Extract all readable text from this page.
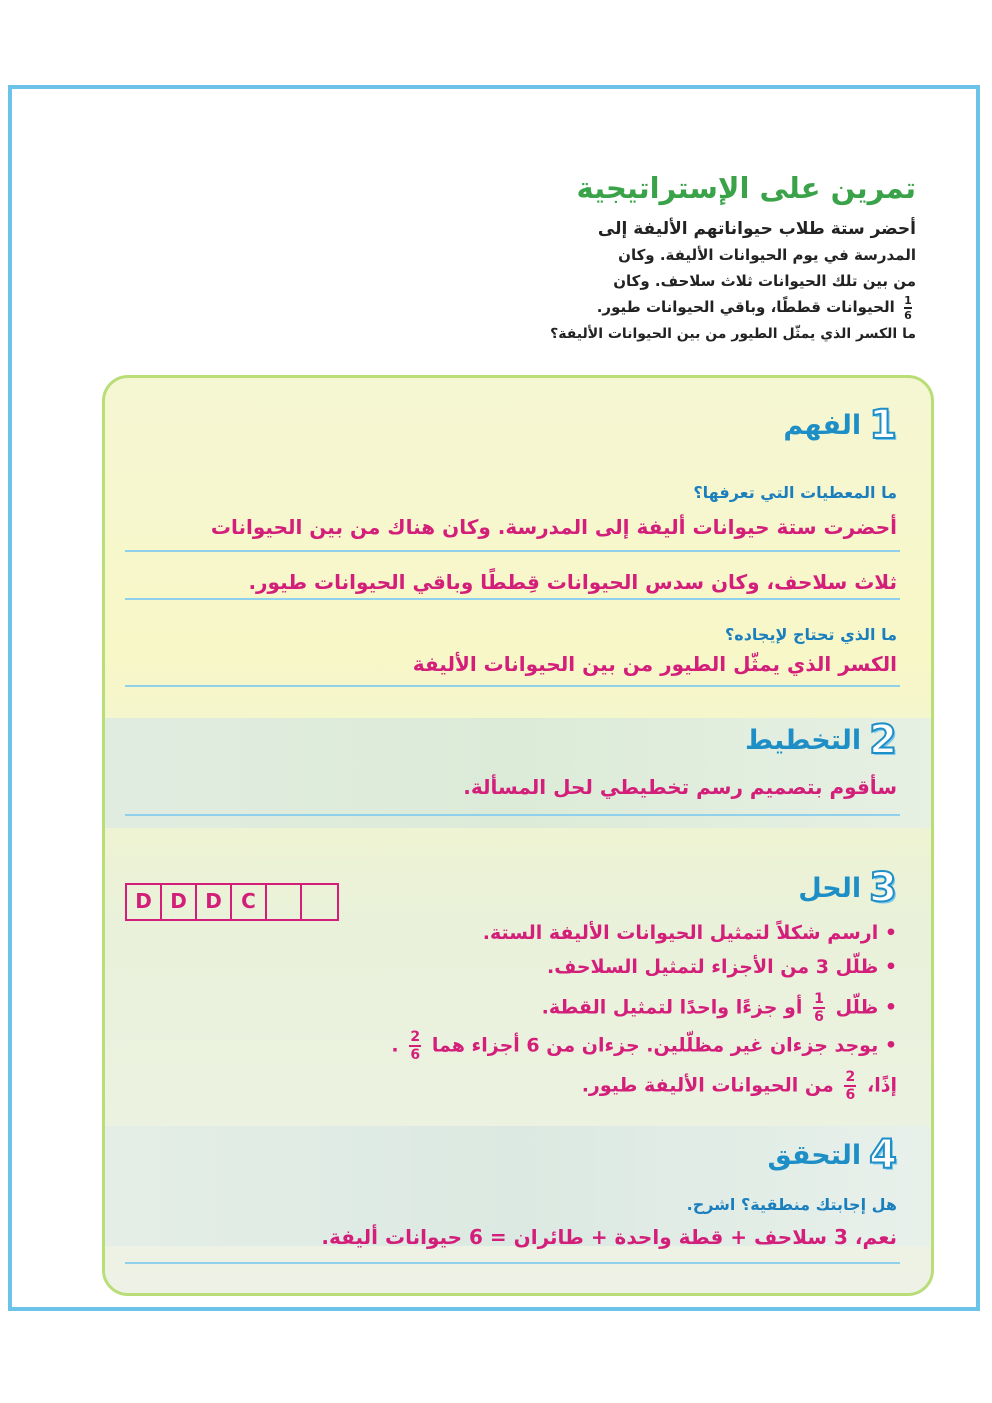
تمرين على الإستراتيجية
أحضر ستة طلاب حيواناتهم الأليفة إلى
المدرسة في يوم الحيوانات الأليفة. وكان
من بين تلك الحيوانات ثلاث سلاحف. وكان
$\frac{1}{6}$
الحيوانات قططًا، وباقي الحيوانات طيور.
ما الكسر الذي يمثّل الطيور من بين الحيوانات الأليفة؟
1
الفهم
ما المعطيات التي تعرفها؟
أحضرت ستة حيوانات أليفة إلى المدرسة. وكان هناك من بين الحيوانات
ثلاث سلاحف، وكان سدس الحيوانات قِططًا وباقي الحيوانات طيور.
ما الذي تحتاج لإيجاده؟
الكسر الذي يمثّل الطيور من بين الحيوانات الأليفة
2
التخطيط
سأقوم بتصميم رسم تخطيطي لحل المسألة.
3
الحل
D D D C
• ارسم شكلاً لتمثيل الحيوانات الأليفة الستة.
• ظلّل 3 من الأجزاء لتمثيل السلاحف.
• ظلّل
$\frac{1}{6}$
أو جزءًا واحدًا لتمثيل القطة.
• يوجد جزءان غير مظلّلين. جزءان من 6 أجزاء هما
$\frac{2}{6}$
.
إذًا،
$\frac{2}{6}$
من الحيوانات الأليفة طيور.
4
التحقق
هل إجابتك منطقية؟ اشرح.
نعم، 3 سلاحف + قطة واحدة + طائران = 6 حيوانات أليفة.
